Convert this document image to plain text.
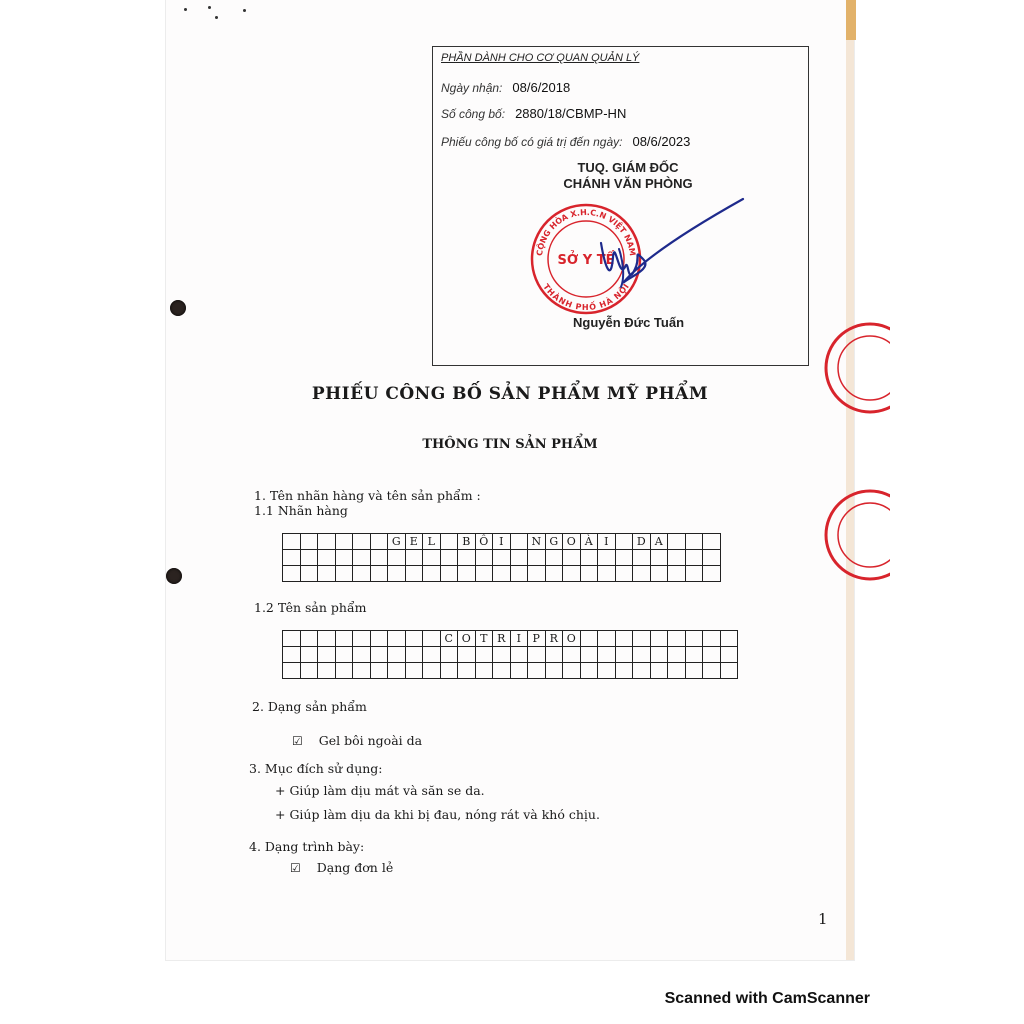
PHẦN DÀNH CHO CƠ QUAN QUẢN LÝ
Ngày nhận: 08/6/2018
Số công bố: 2880/18/CBMP-HN
Phiếu công bố có giá trị đến ngày: 08/6/2023
TUQ. GIÁM ĐỐC
CHÁNH VĂN PHÒNG
CỘNG HÒA X.H.C.N VIỆT NAM
THÀNH PHỐ HÀ NỘI
SỞ Y TẾ
Nguyễn Đức Tuấn
PHIẾU CÔNG BỐ SẢN PHẨM MỸ PHẨM
THÔNG TIN SẢN PHẨM
1. Tên nhãn hàng và tên sản phẩm :
1.1 Nhãn hàng
						G	E	L		B	Ô	I		N	G	O	À	I		D	A			

1.2 Tên sản phẩm
									C	O	T	R	I	P	R	O									

2. Dạng sản phẩm
☑ Gel bôi ngoài da
3. Mục đích sử dụng:
+ Giúp làm dịu mát và săn se da.
+ Giúp làm dịu da khi bị đau, nóng rát và khó chịu.
4. Dạng trình bày:
☑ Dạng đơn lẻ
1
Scanned with CamScanner
